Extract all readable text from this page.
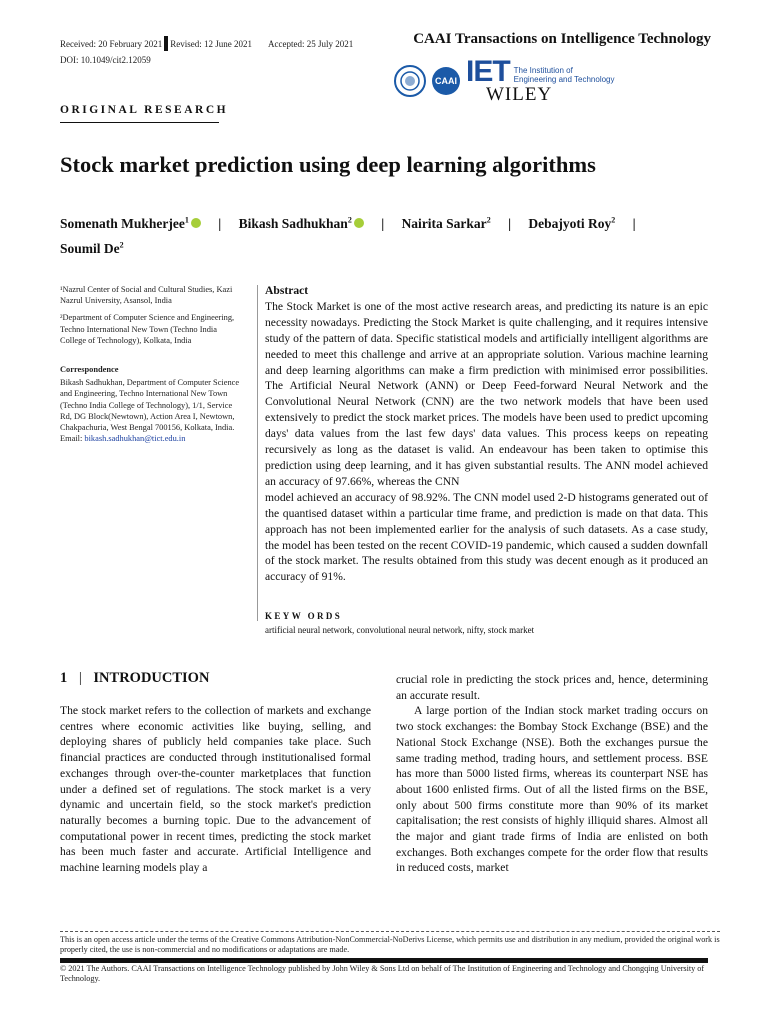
Received: 20 February 2021 Revised: 12 June 2021 Accepted: 25 July 2021
DOI: 10.1049/cit2.12059
CAAI Transactions on Intelligence Technology
CAAI IET The Institution of
Engineering and Technology
WILEY
ORIGINAL RESEARCH
Stock market prediction using deep learning algorithms
Somenath Mukherjee$^1$ | Bikash Sadhukhan$^2$ | Nairita Sarkar$^2$ | Debajyoti Roy$^2$ |
Soumil De$^2$
¹Nazrul Center of Social and Cultural Studies, Kazi Nazrul University, Asansol, India
²Department of Computer Science and Engineering, Techno International New Town (Techno India College of Technology), Kolkata, India
Correspondence
Bikash Sadhukhan, Department of Computer Science and Engineering, Techno International New Town (Techno India College of Technology), 1/1, Service Rd, DG Block(Newtown), Action Area I, Newtown, Chakpachuria, West Bengal 700156, Kolkata, India.
Email: bikash.sadhukhan@tict.edu.in
Abstract

The Stock Market is one of the most active research areas, and predicting its nature is an epic necessity nowadays. Predicting the Stock Market is quite challenging, and it requires intensive study of the pattern of data. Specific statistical models and artificially intelligent algorithms are needed to meet this challenge and arrive at an appropriate solution. Various machine learning and deep learning algorithms can make a firm prediction with minimised error possibilities. The Artificial Neural Network (ANN) or Deep Feed-forward Neural Network and the Convolutional Neural Network (CNN) are the two network models that have been used extensively to predict the stock market prices. The models have been used to predict upcoming days' data values from the last few days' data values. This process keeps on repeating recursively as long as the dataset is valid. An endeavour has been taken to optimise this prediction using deep learning, and it has given substantial results. The ANN model achieved an accuracy of 97.66%, whereas the CNN

model achieved an accuracy of 98.92%. The CNN model used 2-D histograms generated out of the quantised dataset within a particular time frame, and prediction is made on that data. This approach has not been implemented earlier for the analysis of such datasets. As a case study, the model has been tested on the recent COVID-19 pandemic, which caused a sudden downfall of the stock market. The results obtained from this study was decent enough as it produced an accuracy of 91%.

KEYW ORDS
artificial neural network, convolutional neural network, nifty, stock market
1 | INTRODUCTION

The stock market refers to the collection of markets and exchange centres where economic activities like buying, selling, and deploying shares of publicly held companies take place. Such financial practices are conducted through institutionalised formal exchanges through over-the-counter marketplaces that function under a defined set of regulations. The stock market is a very dynamic and uncertain field, so the stock market's prediction naturally becomes a burning topic. Due to the advancement of computational power in recent times, predicting the stock market has been much faster and accurate. Artificial Intelligence and machine learning models play a

crucial role in predicting the stock prices and, hence, determining an accurate result.

A large portion of the Indian stock market trading occurs on two stock exchanges: the Bombay Stock Exchange (BSE) and the National Stock Exchange (NSE). Both the exchanges pursue the same trading method, trading hours, and settlement process. BSE has more than 5000 listed firms, whereas its counterpart NSE has about 1600 enlisted firms. Out of all the listed firms on the BSE, only about 500 firms constitute more than 90% of its market capitalisation; the rest consists of highly illiquid shares. Almost all the major and giant trade firms of India are enlisted on both exchanges. Both exchanges compete for the order flow that results in reduced costs, market

This is an open access article under the terms of the Creative Commons Attribution-NonCommercial-NoDerivs License, which permits use and distribution in any medium, provided the original work is properly cited, the use is non-commercial and no modifications or adaptations are made.
© 2021 The Authors. CAAI Transactions on Intelligence Technology published by John Wiley & Sons Ltd on behalf of The Institution of Engineering and Technology and Chongqing University of Technology.
